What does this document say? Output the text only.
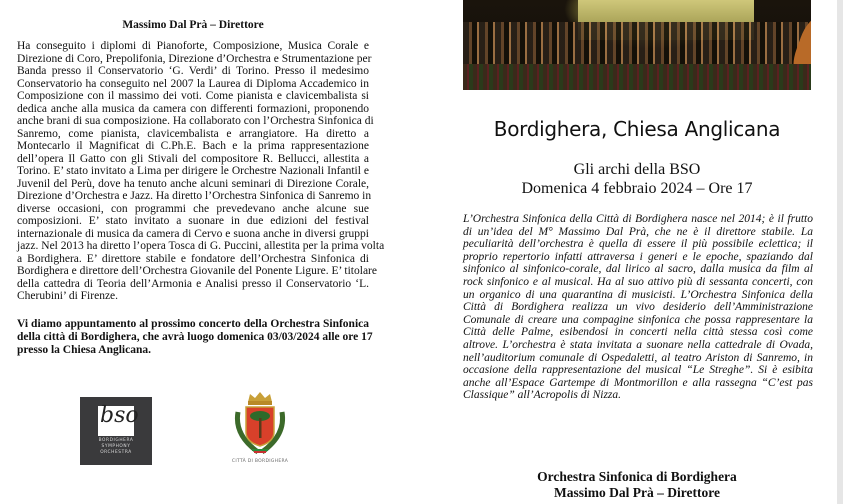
Massimo Dal Prà – Direttore
Ha conseguito i diplomi di Pianoforte, Composizione, Musica Corale e
Direzione di Coro, Prepolifonia, Direzione d’Orchestra e Strumentazione per
Banda presso il Conservatorio ‘G. Verdi’ di Torino. Presso il medesimo
Conservatorio ha conseguito nel 2007 la Laurea di Diploma Accademico in
Composizione con il massimo dei voti. Come pianista e clavicembalista si
dedica anche alla musica da camera con differenti formazioni, proponendo
anche brani di sua composizione. Ha collaborato con l’Orchestra Sinfonica di
Sanremo, come pianista, clavicembalista e arrangiatore. Ha diretto a
Montecarlo il Magnificat di C.Ph.E. Bach e la prima rappresentazione
dell’opera Il Gatto con gli Stivali del compositore R. Bellucci, allestita a
Torino. E’ stato invitato a Lima per dirigere le Orchestre Nazionali Infantil e
Juvenil del Perù, dove ha tenuto anche alcuni seminari di Direzione Corale,
Direzione d’Orchestra e Jazz. Ha diretto l’Orchestra Sinfonica di Sanremo in
diverse occasioni, con programmi che prevedevano anche alcune sue
composizioni. E’ stato invitato a suonare in due edizioni del festival
internazionale di musica da camera di Cervo e suona anche in diversi gruppi
jazz. Nel 2013 ha diretto l’opera Tosca di G. Puccini, allestita per la prima volta
a Bordighera. E’ direttore stabile e fondatore dell’Orchestra Sinfonica di
Bordighera e direttore dell’Orchestra Giovanile del Ponente Ligure. E’ titolare
della cattedra di Teoria dell’Armonia e Analisi presso il Conservatorio ‘L.
Cherubini’ di Firenze.
Vi diamo appuntamento al prossimo concerto della Orchestra Sinfonica
della città di Bordighera, che avrà luogo domenica 03/03/2024 alle ore 17
presso la Chiesa Anglicana.
bso
BORDIGHERA
SYMPHONY
ORCHESTRA
CITTÀ DI BORDIGHERA
Bordighera, Chiesa Anglicana
Gli archi della BSO
Domenica 4 febbraio 2024 – Ore 17
L’Orchestra Sinfonica della Città di Bordighera nasce nel 2014; è il frutto
di un’idea del M° Massimo Dal Prà, che ne è il direttore stabile. La
peculiarità dell’orchestra è quella di essere il più possibile eclettica; il
proprio repertorio infatti attraversa i generi e le epoche, spaziando dal
sinfonico al sinfonico-corale, dal lirico al sacro, dalla musica da film al
rock sinfonico e al musical. Ha al suo attivo più di sessanta concerti, con
un organico di una quarantina di musicisti. L’Orchestra Sinfonica della
Città di Bordighera realizza un vivo desiderio dell’Amministrazione
Comunale di creare una compagine sinfonica che possa rappresentare la
Città delle Palme, esibendosi in concerti nella città stessa così come
altrove. L’orchestra è stata invitata a suonare nella cattedrale di Ovada,
nell’auditorium comunale di Ospedaletti, al teatro Ariston di Sanremo, in
occasione della rappresentazione del musical “Le Streghe”. Si è esibita
anche all’Espace Gartempe di Montmorillon e alla rassegna “C’est pas
Classique” all’Acropolis di Nizza.
Orchestra Sinfonica di Bordighera
Massimo Dal Prà – Direttore
